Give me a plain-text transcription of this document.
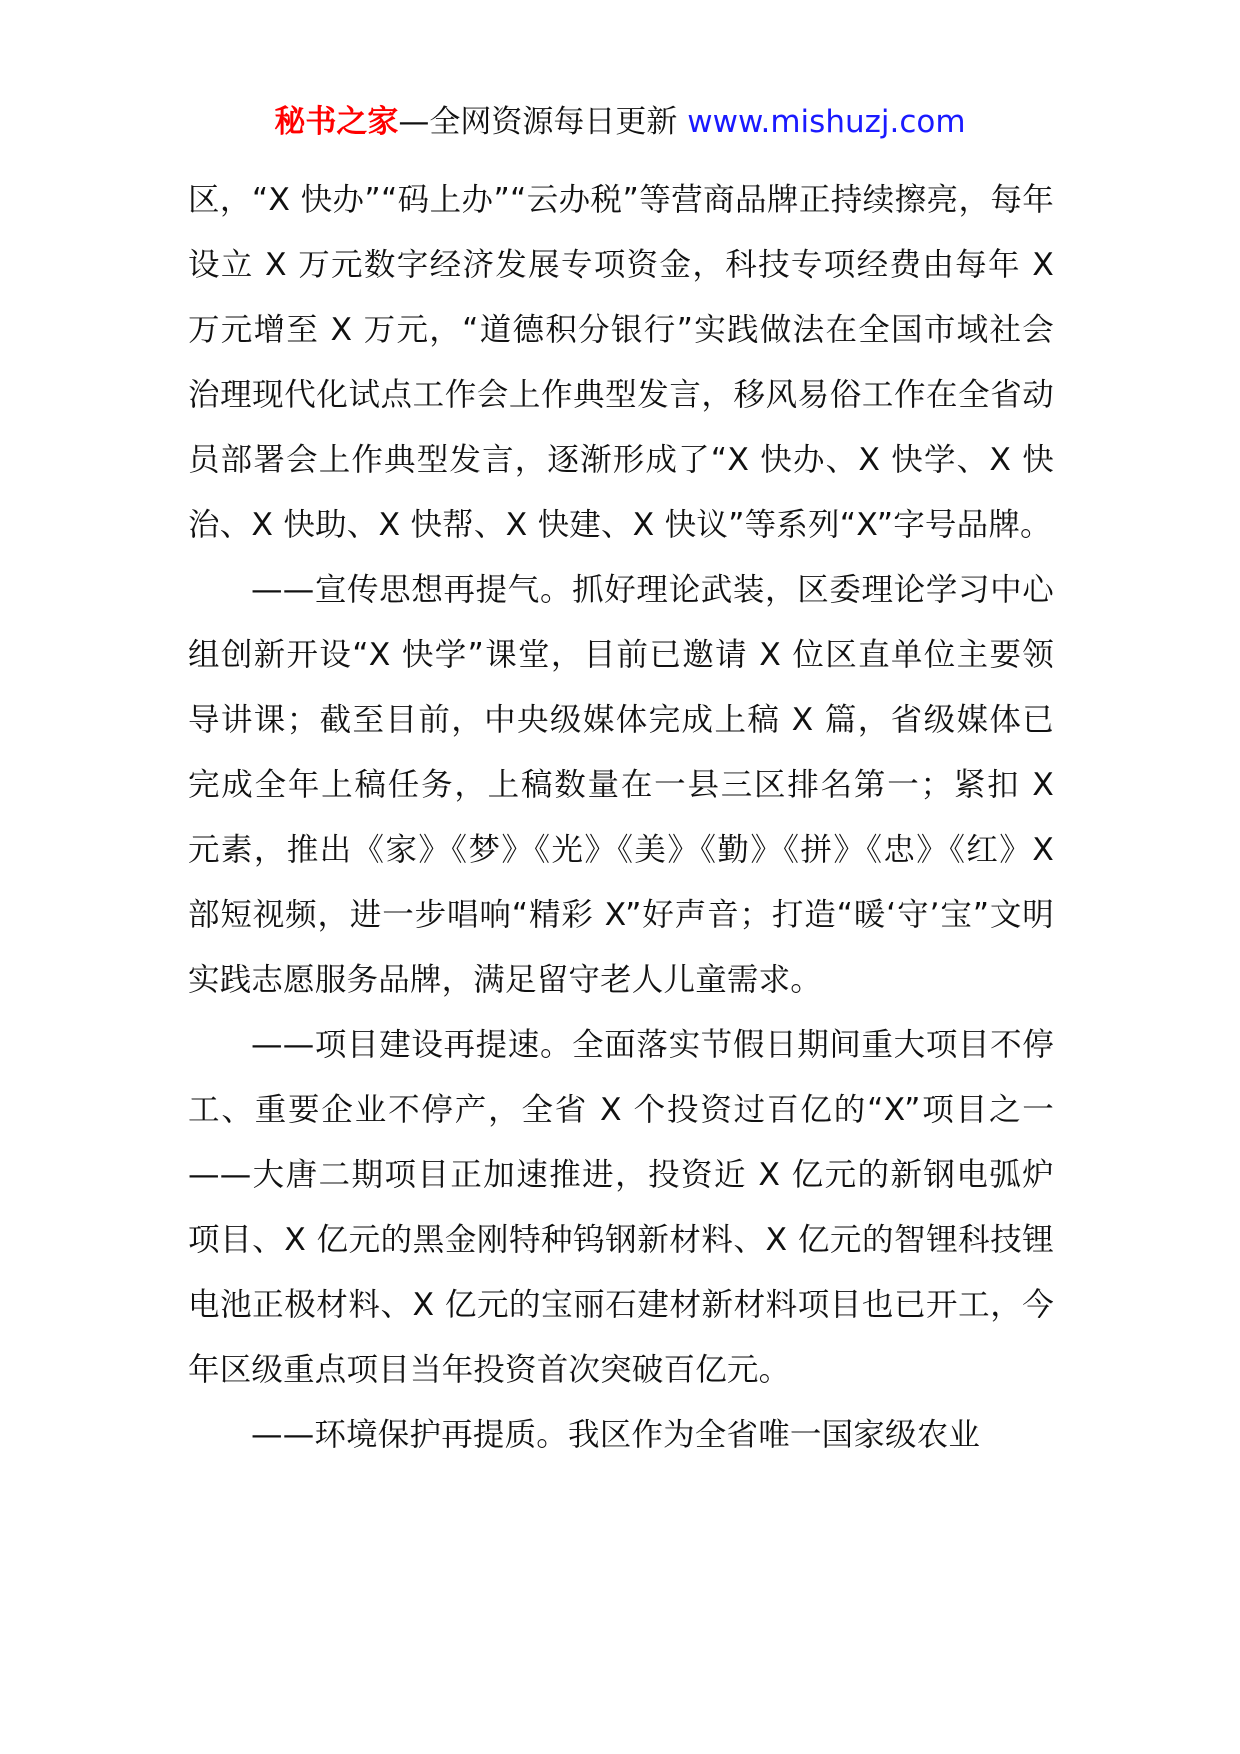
秘书之家—全网资源每日更新 www.mishuzj.com

区，“X 快办”“码上办”“云办税”等营商品牌正持续擦亮，每年设立 X 万元数字经济发展专项资金，科技专项经费由每年 X 万元增至 X 万元，“道德积分银行”实践做法在全国市域社会治理现代化试点工作会上作典型发言，移风易俗工作在全省动员部署会上作典型发言，逐渐形成了“X 快办、X 快学、X 快治、X 快助、X 快帮、X 快建、X 快议”等系列“X”字号品牌。

——宣传思想再提气。抓好理论武装，区委理论学习中心组创新开设“X 快学”课堂，目前已邀请 X 位区直单位主要领导讲课；截至目前，中央级媒体完成上稿 X 篇，省级媒体已完成全年上稿任务，上稿数量在一县三区排名第一；紧扣 X 元素，推出《家》《梦》《光》《美》《勤》《拼》《忠》《红》X 部短视频，进一步唱响“精彩 X”好声音；打造“暖‘守’宝”文明实践志愿服务品牌，满足留守老人儿童需求。

——项目建设再提速。全面落实节假日期间重大项目不停工、重要企业不停产，全省 X 个投资过百亿的“X”项目之一——大唐二期项目正加速推进，投资近 X 亿元的新钢电弧炉项目、X 亿元的黑金刚特种钨钢新材料、X 亿元的智锂科技锂电池正极材料、X 亿元的宝丽石建材新材料项目也已开工，今年区级重点项目当年投资首次突破百亿元。

——环境保护再提质。我区作为全省唯一国家级农业
